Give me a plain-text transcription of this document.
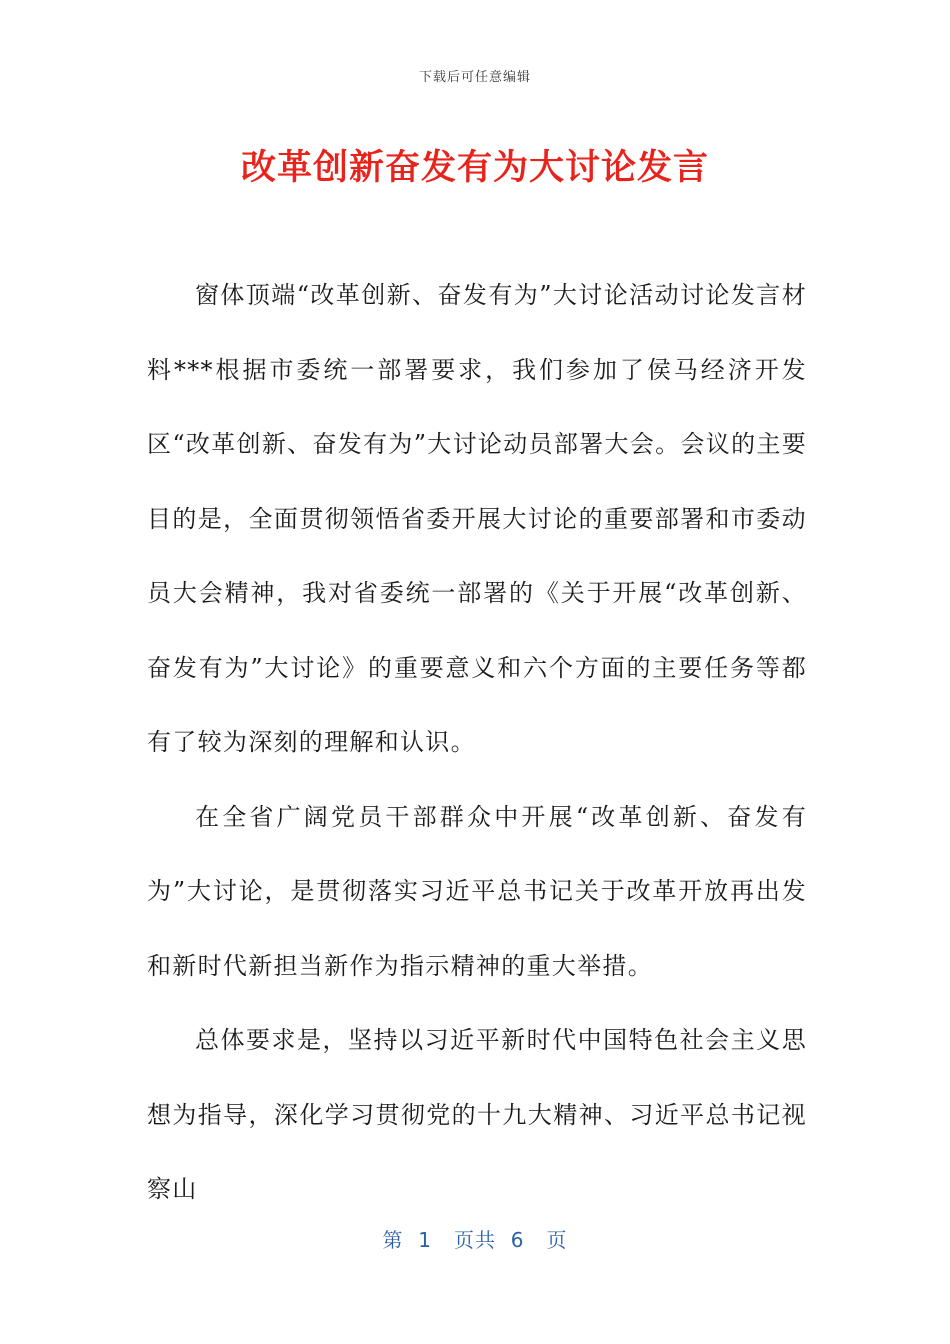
下载后可任意编辑
改革创新奋发有为大讨论发言

窗体顶端“改革创新、奋发有为”大讨论活动讨论发言材料***根据市委统一部署要求，我们参加了侯马经济开发区“改革创新、奋发有为”大讨论动员部署大会。会议的主要目的是，全面贯彻领悟省委开展大讨论的重要部署和市委动员大会精神，我对省委统一部署的《关于开展“改革创新、奋发有为”大讨论》的重要意义和六个方面的主要任务等都有了较为深刻的理解和认识。

在全省广阔党员干部群众中开展“改革创新、奋发有为”大讨论，是贯彻落实习近平总书记关于改革开放再出发和新时代新担当新作为指示精神的重大举措。

总体要求是，坚持以习近平新时代中国特色社会主义思想为指导，深化学习贯彻党的十九大精神、习近平总书记视察山

第  1   页共  6   页
